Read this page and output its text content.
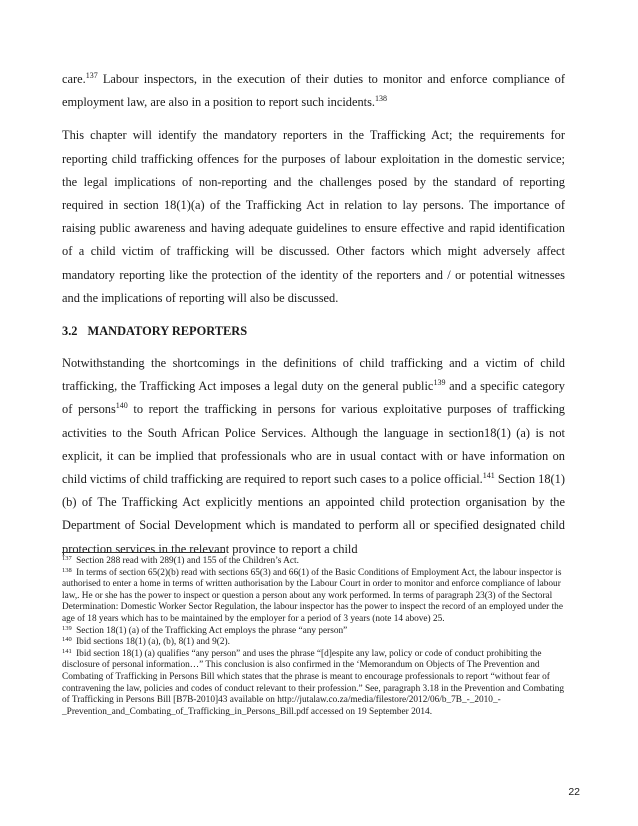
care.$^{137}$ Labour inspectors, in the execution of their duties to monitor and enforce compliance of employment law, are also in a position to report such incidents.$^{138}$

This chapter will identify the mandatory reporters in the Trafficking Act; the requirements for reporting child trafficking offences for the purposes of labour exploitation in the domestic service; the legal implications of non-reporting and the challenges posed by the standard of reporting required in section 18(1)(a) of the Trafficking Act in relation to lay persons. The importance of raising public awareness and having adequate guidelines to ensure effective and rapid identification of a child victim of trafficking will be discussed. Other factors which might adversely affect mandatory reporting like the protection of the identity of the reporters and / or potential witnesses and the implications of reporting will also be discussed.

3.2 MANDATORY REPORTERS

Notwithstanding the shortcomings in the definitions of child trafficking and a victim of child trafficking, the Trafficking Act imposes a legal duty on the general public$^{139}$ and a specific category of persons$^{140}$ to report the trafficking in persons for various exploitative purposes of trafficking activities to the South African Police Services. Although the language in section18(1) (a) is not explicit, it can be implied that professionals who are in usual contact with or have information on child victims of child trafficking are required to report such cases to a police official.$^{141}$ Section 18(1) (b) of The Trafficking Act explicitly mentions an appointed child protection organisation by the Department of Social Development which is mandated to perform all or specified designated child protection services in the relevant province to report a child

$^{137}$ Section 288 read with 289(1) and 155 of the Children’s Act.

$^{138}$ In terms of section 65(2)(b) read with sections 65(3) and 66(1) of the Basic Conditions of Employment Act, the labour inspector is authorised to enter a home in terms of written authorisation by the Labour Court in order to monitor and enforce compliance of labour law,. He or she has the power to inspect or question a person about any work performed. In terms of paragraph 23(3) of the Sectoral Determination: Domestic Worker Sector Regulation, the labour inspector has the power to inspect the record of an employed under the age of 18 years which has to be maintained by the employer for a period of 3 years (note 14 above) 25.

$^{139}$ Section 18(1) (a) of the Trafficking Act employs the phrase “any person”

$^{140}$ Ibid sections 18(1) (a), (b), 8(1) and 9(2).

$^{141}$ Ibid section 18(1) (a) qualifies “any person” and uses the phrase “[d]espite any law, policy or code of conduct prohibiting the disclosure of personal information…” This conclusion is also confirmed in the ‘Memorandum on Objects of The Prevention and Combating of Trafficking in Persons Bill which states that the phrase is meant to encourage professionals to report “without fear of contravening the law, policies and codes of conduct relevant to their profession.” See, paragraph 3.18 in the Prevention and Combating of Trafficking in Persons Bill [B7B-2010]43 available on http://jutalaw.co.za/media/filestore/2012/06/b_7B_-_2010_-_Prevention_and_Combating_of_Trafficking_in_Persons_Bill.pdf accessed on 19 September 2014.

22
